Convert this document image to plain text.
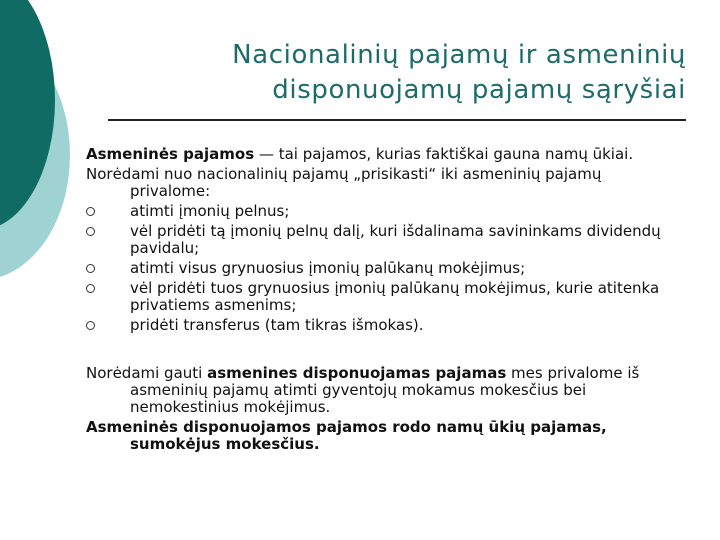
Nacionalinių pajamų ir asmeninių
disponuojamų pajamų sąryšiai

Asmeninės pajamos — tai pajamos, kurias faktiškai gauna namų ūkiai.

Norėdami nuo nacionalinių pajamų „prisikasti“ iki asmeninių pajamų privalome:

atimti įmonių pelnus;
vėl pridėti tą įmonių pelnų dalį, kuri išdalinama savininkams dividendų pavidalu;
atimti visus grynuosius įmonių palūkanų mokėjimus;
vėl pridėti tuos grynuosius įmonių palūkanų mokėjimus, kurie atitenka privatiems asmenims;
pridėti transferus (tam tikras išmokas).

Norėdami gauti asmenines disponuojamas pajamas mes privalome iš asmeninių pajamų atimti gyventojų mokamus mokesčius bei nemokestinius mokėjimus.

Asmeninės disponuojamos pajamos rodo namų ūkių pajamas, sumokėjus mokesčius.
